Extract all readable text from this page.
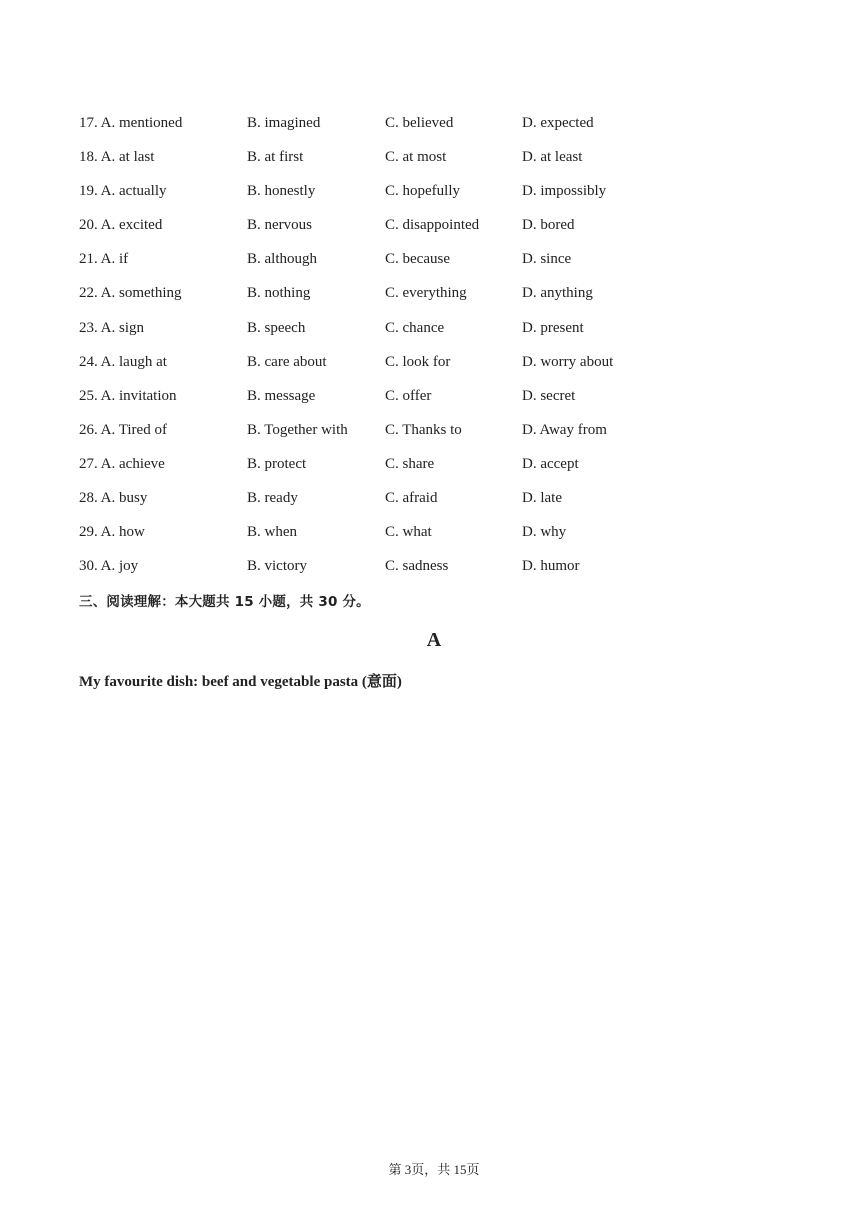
17. A. mentioned	B. imagined	C. believed	D. expected
18. A. at last	B. at first	C. at most	D. at least
19. A. actually	B. honestly	C. hopefully	D. impossibly
20. A. excited	B. nervous	C. disappointed	D. bored
21. A. if	B. although	C. because	D. since
22. A. something	B. nothing	C. everything	D. anything
23. A. sign	B. speech	C. chance	D. present
24. A. laugh at	B. care about	C. look for	D. worry about
25. A. invitation	B. message	C. offer	D. secret
26. A. Tired of	B. Together with C. Thanks to	D. Away from
27. A. achieve	B. protect	C. share	D. accept
28. A. busy	B. ready	C. afraid	D. late
29. A. how	B. when	C. what	D. why
30. A. joy	B. victory	C. sadness	D. humor
三、阅读理解：本大题共 15 小题，共 30 分。
A
My favourite dish: beef and vegetable pasta (意面)
第 3页，共 15页
